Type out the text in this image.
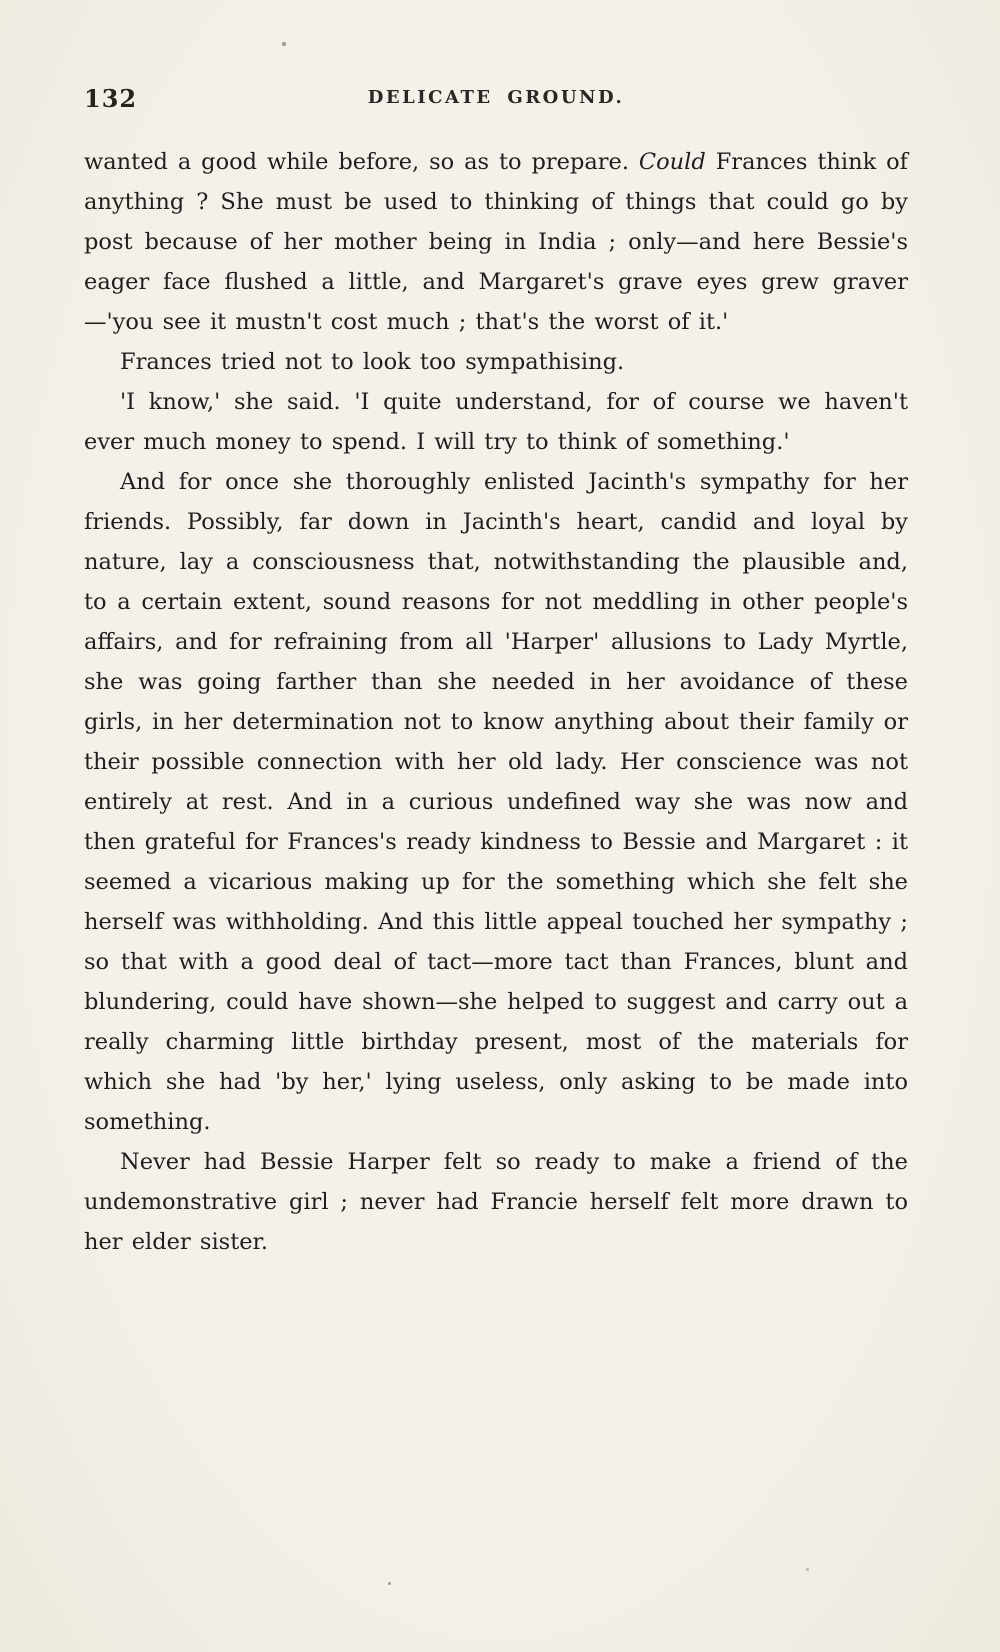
132	DELICATE GROUND.

wanted a good while before, so as to prepare. Could Frances think of anything ? She must be used to thinking of things that could go by post because of her mother being in India ; only—and here Bessie's eager face flushed a little, and Margaret's grave eyes grew graver—'you see it mustn't cost much ; that's the worst of it.'

Frances tried not to look too sympathising.

'I know,' she said. 'I quite understand, for of course we haven't ever much money to spend. I will try to think of something.'

And for once she thoroughly enlisted Jacinth's sympathy for her friends. Possibly, far down in Jacinth's heart, candid and loyal by nature, lay a consciousness that, notwithstanding the plausible and, to a certain extent, sound reasons for not meddling in other people's affairs, and for refraining from all 'Harper' allusions to Lady Myrtle, she was going farther than she needed in her avoidance of these girls, in her determination not to know anything about their family or their possible connection with her old lady. Her conscience was not entirely at rest. And in a curious undefined way she was now and then grateful for Frances's ready kindness to Bessie and Margaret : it seemed a vicarious making up for the something which she felt she herself was withholding. And this little appeal touched her sympathy ; so that with a good deal of tact—more tact than Frances, blunt and blundering, could have shown—she helped to suggest and carry out a really charming little birthday present, most of the materials for which she had 'by her,' lying useless, only asking to be made into something.

Never had Bessie Harper felt so ready to make a friend of the undemonstrative girl ; never had Francie herself felt more drawn to her elder sister.
